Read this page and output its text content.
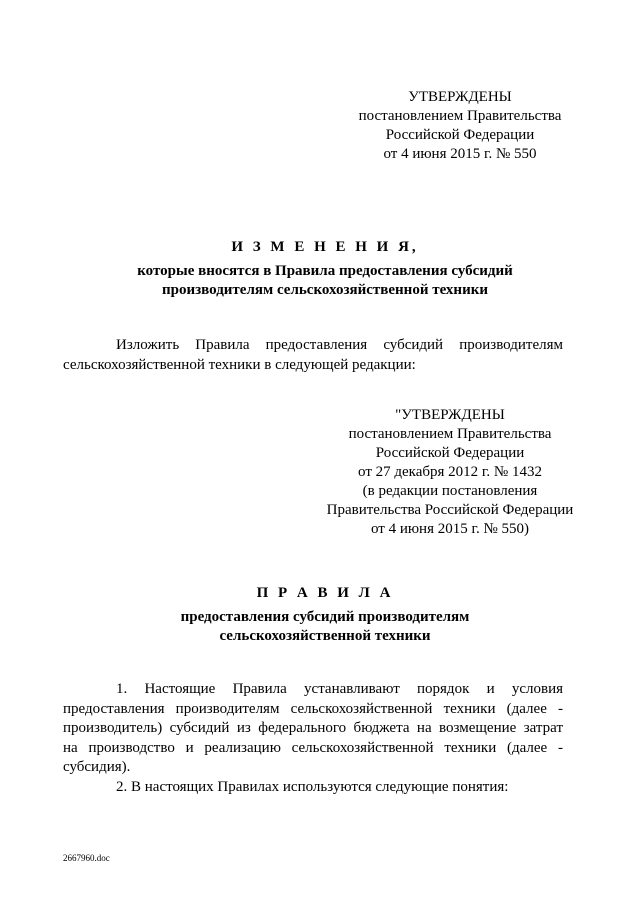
УТВЕРЖДЕНЫ
постановлением Правительства
Российской Федерации
от 4 июня 2015 г. № 550
И З М Е Н Е Н И Я,
которые вносятся в Правила предоставления субсидий
производителям сельскохозяйственной техники
Изложить Правила предоставления субсидий производителям
сельскохозяйственной техники в следующей редакции:
"УТВЕРЖДЕНЫ
постановлением Правительства
Российской Федерации
от 27 декабря 2012 г. № 1432
(в редакции постановления
Правительства Российской Федерации
от 4 июня 2015 г. № 550)
П Р А В И Л А
предоставления субсидий производителям
сельскохозяйственной техники
1. Настоящие Правила устанавливают порядок и условия
предоставления производителям сельскохозяйственной техники (далее -
производитель) субсидий из федерального бюджета на возмещение затрат
на производство и реализацию сельскохозяйственной техники (далее -
субсидия).
2. В настоящих Правилах используются следующие понятия:
2667960.doc
